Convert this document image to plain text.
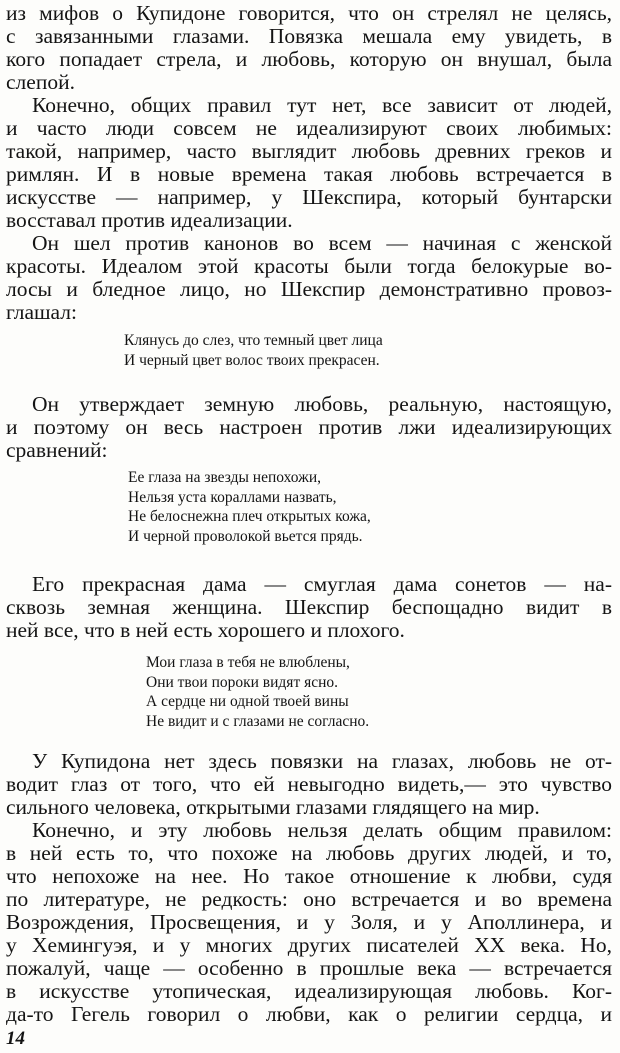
из мифов о Купидоне говорится, что он стрелял не целясь,
с завязанными глазами. Повязка мешала ему увидеть, в
кого попадает стрела, и любовь, которую он внушал, была
слепой.
Конечно, общих правил тут нет, все зависит от людей,
и часто люди совсем не идеализируют своих любимых:
такой, например, часто выглядит любовь древних греков и
римлян. И в новые времена такая любовь встречается в
искусстве — например, у Шекспира, который бунтарски
восставал против идеализации.
Он шел против канонов во всем — начиная с женской
красоты. Идеалом этой красоты были тогда белокурые во-
лосы и бледное лицо, но Шекспир демонстративно провоз-
глашал:
Клянусь до слез, что темный цвет лица
И черный цвет волос твоих прекрасен.
Он утверждает земную любовь, реальную, настоящую,
и поэтому он весь настроен против лжи идеализирующих
сравнений:
Ее глаза на звезды непохожи,
Нельзя уста кораллами назвать,
Не белоснежна плеч открытых кожа,
И черной проволокой вьется прядь.
Его прекрасная дама — смуглая дама сонетов — на-
сквозь земная женщина. Шекспир беспощадно видит в
ней все, что в ней есть хорошего и плохого.
Мои глаза в тебя не влюблены,
Они твои пороки видят ясно.
А сердце ни одной твоей вины
Не видит и с глазами не согласно.
У Купидона нет здесь повязки на глазах, любовь не от-
водит глаз от того, что ей невыгодно видеть,— это чувство
сильного человека, открытыми глазами глядящего на мир.
Конечно, и эту любовь нельзя делать общим правилом:
в ней есть то, что похоже на любовь других людей, и то,
что непохоже на нее. Но такое отношение к любви, судя
по литературе, не редкость: оно встречается и во времена
Возрождения, Просвещения, и у Золя, и у Аполлинера, и
у Хемингуэя, и у многих других писателей XX века. Но,
пожалуй, чаще — особенно в прошлые века — встречается
в искусстве утопическая, идеализирующая любовь. Ког-
да-то Гегель говорил о любви, как о религии сердца, и
14
